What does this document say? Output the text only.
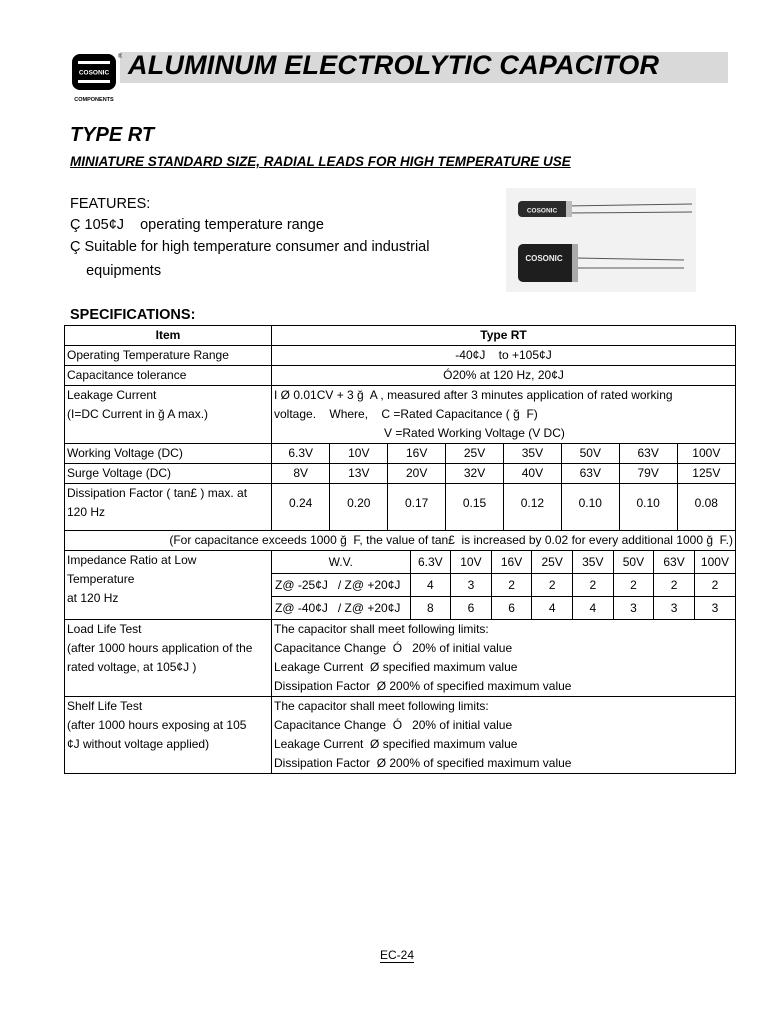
COSONIC
®
COMPONENTS
ALUMINUM ELECTROLYTIC CAPACITOR
TYPE RT
MINIATURE STANDARD SIZE, RADIAL LEADS FOR HIGH TEMPERATURE USE
FEATURES:
Ç 105¢J    operating temperature range
Ç Suitable for high temperature consumer and industrial
equipments
COSONIC
COSONIC
SPECIFICATIONS:
Item	Type RT
Operating Temperature Range	-40¢J    to +105¢J
Capacitance tolerance	Ó20% at 120 Hz, 20¢J
Leakage Current
(I=DC Current in ğ A max.)	I Ø 0.01CV + 3 ğ  A , measured after 3 minutes application of rated working
voltage.    Where,    C =Rated Capacitance ( ğ  F)
V =Rated Working Voltage (V DC)
Working Voltage (DC)		6.3V	10V	16V	25V	35V	50V	63V	100V

Surge Voltage (DC)		8V	13V	20V	32V	40V	63V	79V	125V

Dissipation Factor ( tan£ ) max. at
120 Hz	
0.24	0.20	0.17	0.15	0.12	0.10	0.10	0.08

(For capacitance exceeds 1000 ğ  F, the value of tan£  is increased by 0.02 for every additional 1000 ğ  F.)
Impedance Ratio at Low
Temperature
at 120 Hz	
W.V.	6.3V	10V	16V	25V	35V	50V	63V	100V
Z@ -25¢J   / Z@ +20¢J	4	3	2	2	2	2	2	2
Z@ -40¢J   / Z@ +20¢J	8	6	6	4	4	3	3	3

Load Life Test
(after 1000 hours application of the
rated voltage, at 105¢J )	The capacitor shall meet following limits:
Capacitance Change  Ó   20% of initial value
Leakage Current  Ø specified maximum value
Dissipation Factor  Ø 200% of specified maximum value
Shelf Life Test
(after 1000 hours exposing at 105
¢J without voltage applied)	The capacitor shall meet following limits:
Capacitance Change  Ó   20% of initial value
Leakage Current  Ø specified maximum value
Dissipation Factor  Ø 200% of specified maximum value
EC-24
